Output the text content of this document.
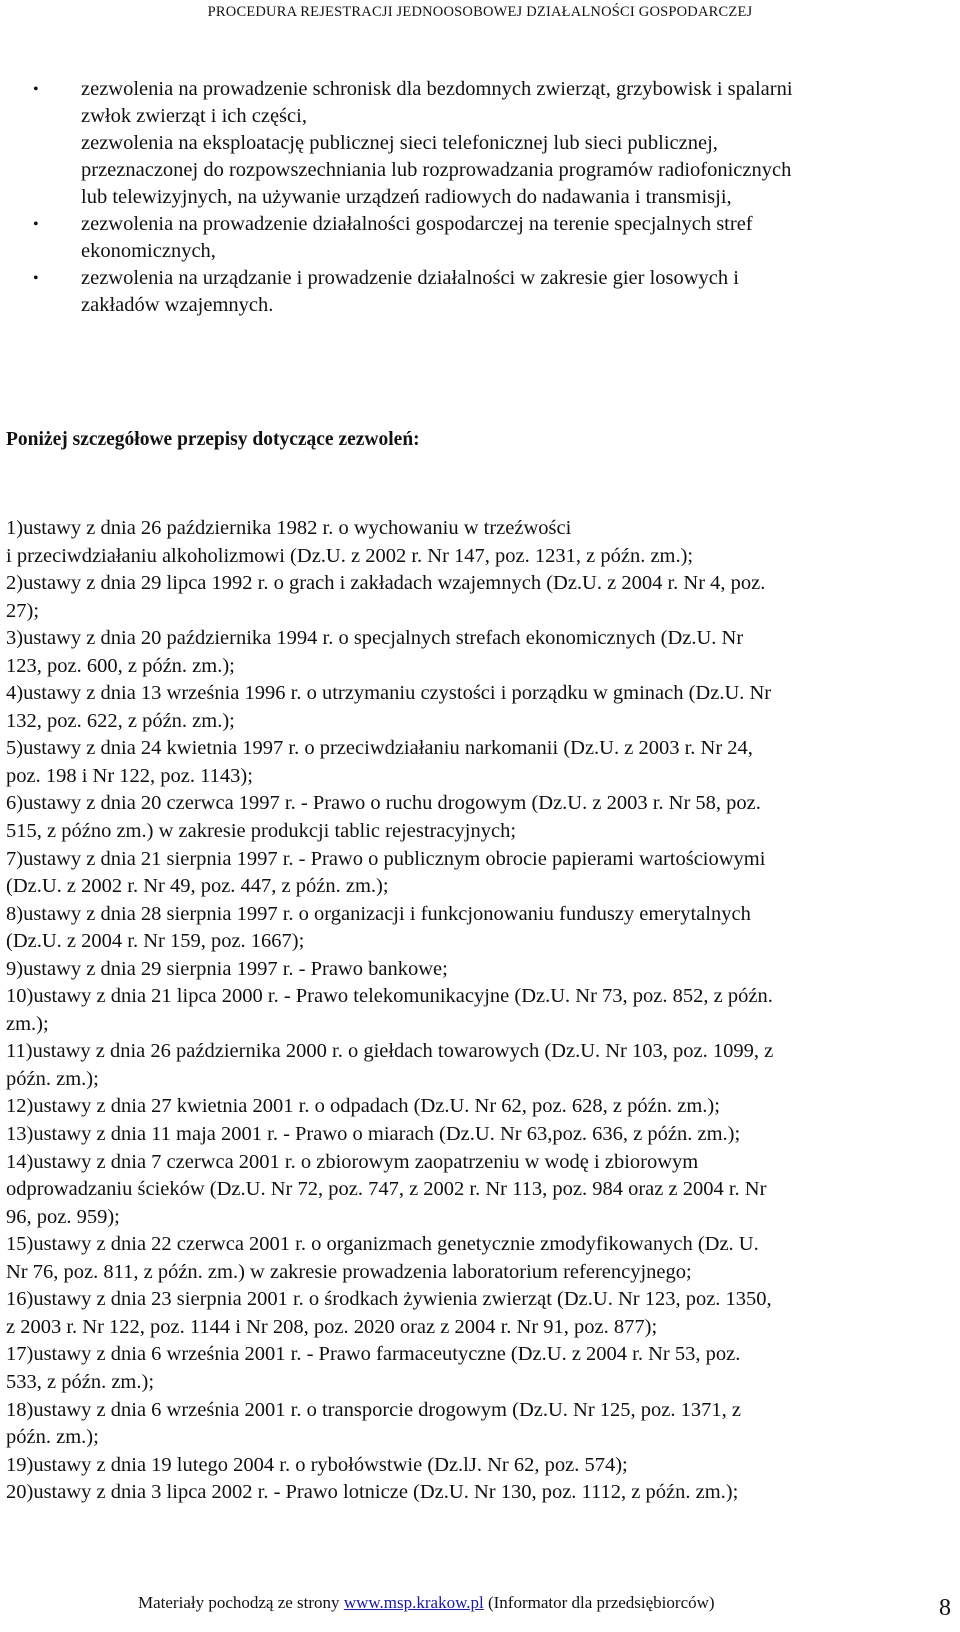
PROCEDURA REJESTRACJI JEDNOOSOBOWEJ DZIAŁALNOŚCI GOSPODARCZEJ
• zezwolenia na prowadzenie schronisk dla bezdomnych zwierząt, grzybowisk i spalarni
zwłok zwierząt i ich części,
zezwolenia na eksploatację publicznej sieci telefonicznej lub sieci publicznej,
przeznaczonej do rozpowszechniania lub rozprowadzania programów radiofonicznych
lub telewizyjnych, na używanie urządzeń radiowych do nadawania i transmisji,
• zezwolenia na prowadzenie działalności gospodarczej na terenie specjalnych stref
ekonomicznych,
• zezwolenia na urządzanie i prowadzenie działalności w zakresie gier losowych i
zakładów wzajemnych.
Poniżej szczegółowe przepisy dotyczące zezwoleń:
1)ustawy z dnia 26 października 1982 r. o wychowaniu w trzeźwości
i przeciwdziałaniu alkoholizmowi (Dz.U. z 2002 r. Nr 147, poz. 1231, z późn. zm.);
2)ustawy z dnia 29 lipca 1992 r. o grach i zakładach wzajemnych (Dz.U. z 2004 r. Nr 4, poz.
27);
3)ustawy z dnia 20 października 1994 r. o specjalnych strefach ekonomicznych (Dz.U. Nr
123, poz. 600, z późn. zm.);
4)ustawy z dnia 13 września 1996 r. o utrzymaniu czystości i porządku w gminach (Dz.U. Nr
132, poz. 622, z późn. zm.);
5)ustawy z dnia 24 kwietnia 1997 r. o przeciwdziałaniu narkomanii (Dz.U. z 2003 r. Nr 24,
poz. 198 i Nr 122, poz. 1143);
6)ustawy z dnia 20 czerwca 1997 r. - Prawo o ruchu drogowym (Dz.U. z 2003 r. Nr 58, poz.
515, z późno zm.) w zakresie produkcji tablic rejestracyjnych;
7)ustawy z dnia 21 sierpnia 1997 r. - Prawo o publicznym obrocie papierami wartościowymi
(Dz.U. z 2002 r. Nr 49, poz. 447, z późn. zm.);
8)ustawy z dnia 28 sierpnia 1997 r. o organizacji i funkcjonowaniu funduszy emerytalnych
(Dz.U. z 2004 r. Nr 159, poz. 1667);
9)ustawy z dnia 29 sierpnia 1997 r. - Prawo bankowe;
10)ustawy z dnia 21 lipca 2000 r. - Prawo telekomunikacyjne (Dz.U. Nr 73, poz. 852, z późn.
zm.);
11)ustawy z dnia 26 października 2000 r. o giełdach towarowych (Dz.U. Nr 103, poz. 1099, z
późn. zm.);
12)ustawy z dnia 27 kwietnia 2001 r. o odpadach (Dz.U. Nr 62, poz. 628, z późn. zm.);
13)ustawy z dnia 11 maja 2001 r. - Prawo o miarach (Dz.U. Nr 63,poz. 636, z późn. zm.);
14)ustawy z dnia 7 czerwca 2001 r. o zbiorowym zaopatrzeniu w wodę i zbiorowym
odprowadzaniu ścieków (Dz.U. Nr 72, poz. 747, z 2002 r. Nr 113, poz. 984 oraz z 2004 r. Nr
96, poz. 959);
15)ustawy z dnia 22 czerwca 2001 r. o organizmach genetycznie zmodyfikowanych (Dz. U.
Nr 76, poz. 811, z późn. zm.) w zakresie prowadzenia laboratorium referencyjnego;
16)ustawy z dnia 23 sierpnia 2001 r. o środkach żywienia zwierząt (Dz.U. Nr 123, poz. 1350,
z 2003 r. Nr 122, poz. 1144 i Nr 208, poz. 2020 oraz z 2004 r. Nr 91, poz. 877);
17)ustawy z dnia 6 września 2001 r. - Prawo farmaceutyczne (Dz.U. z 2004 r. Nr 53, poz.
533, z późn. zm.);
18)ustawy z dnia 6 września 2001 r. o transporcie drogowym (Dz.U. Nr 125, poz. 1371, z
późn. zm.);
19)ustawy z dnia 19 lutego 2004 r. o rybołówstwie (Dz.lJ. Nr 62, poz. 574);
20)ustawy z dnia 3 lipca 2002 r. - Prawo lotnicze (Dz.U. Nr 130, poz. 1112, z późn. zm.);
Materiały pochodzą ze strony www.msp.krakow.pl (Informator dla przedsiębiorców)	8
